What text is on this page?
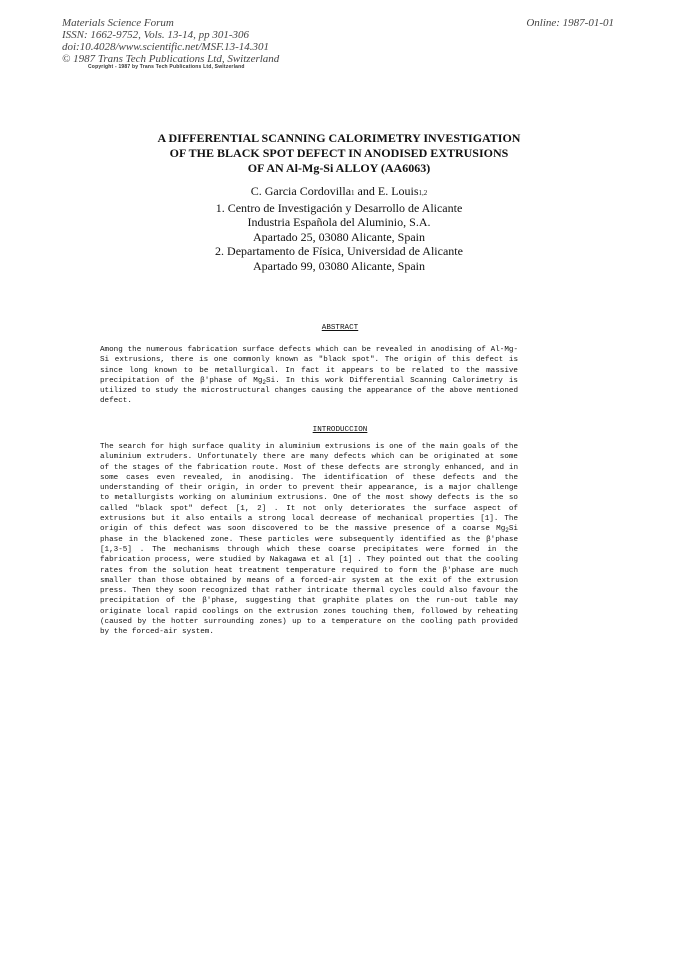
Materials Science Forum
ISSN: 1662-9752, Vols. 13-14, pp 301-306
doi:10.4028/www.scientific.net/MSF.13-14.301
© 1987 Trans Tech Publications Ltd, Switzerland
Online: 1987-01-01
Copyright - 1987 by Trans Tech Publications Ltd, Switzerland
A DIFFERENTIAL SCANNING CALORIMETRY INVESTIGATION
OF THE BLACK SPOT DEFECT IN ANODISED EXTRUSIONS
OF AN Al-Mg-Si ALLOY (AA6063)
C. Garcia Cordovilla1 and E. Louis1,2
1. Centro de Investigación y Desarrollo de Alicante
Industria Española del Aluminio, S.A.
Apartado 25, 03080 Alicante, Spain
2. Departamento de Física, Universidad de Alicante
Apartado 99, 03080 Alicante, Spain
ABSTRACT
Among the numerous fabrication surface defects which can be revealed in anodising of Al-Mg-Si extrusions, there is one commonly known as "black spot". The origin of this defect is since long known to be metallurgical. In fact it appears to be related to the massive precipitation of the β'phase of $Mg_2Si$. In this work Differential Scanning Calorimetry is utilized to study the microstructural changes causing the appearance of the above mentioned defect.
INTRODUCCION
The search for high surface quality in aluminium extrusions is one of the main goals of the aluminium extruders. Unfortunately there are many defects which can be originated at some of the stages of the fabrication route. Most of these defects are strongly enhanced, and in some cases even revealed, in anodising. The identification of these defects and the understanding of their origin, in order to prevent their appearance, is a major challenge to metallurgists working on aluminium extrusions. One of the most showy defects is the so called "black spot" defect [1, 2] . It not only deteriorates the surface aspect of extrusions but it also entails a strong local decrease of mechanical properties [1]. The origin of this defect was soon discovered to be the massive presence of a coarse $Mg_2Si$ phase in the blackened zone. These particles were subsequently identified as the β'phase [1,3-5] . The mechanisms through which these coarse precipitates were formed in the fabrication process, were studied by Nakagawa et al [1] . They pointed out that the cooling rates from the solution heat treatment temperature required to form the β'phase are much smaller than those obtained by means of a forced-air system at the exit of the extrusion press. Then they soon recognized that rather intricate thermal cycles could also favour the precipitation of the β'phase, suggesting that graphite plates on the run-out table may originate local rapid coolings on the extrusion zones touching them, followed by reheating (caused by the hotter surrounding zones) up to a temperature on the cooling path provided by the forced-air system.
